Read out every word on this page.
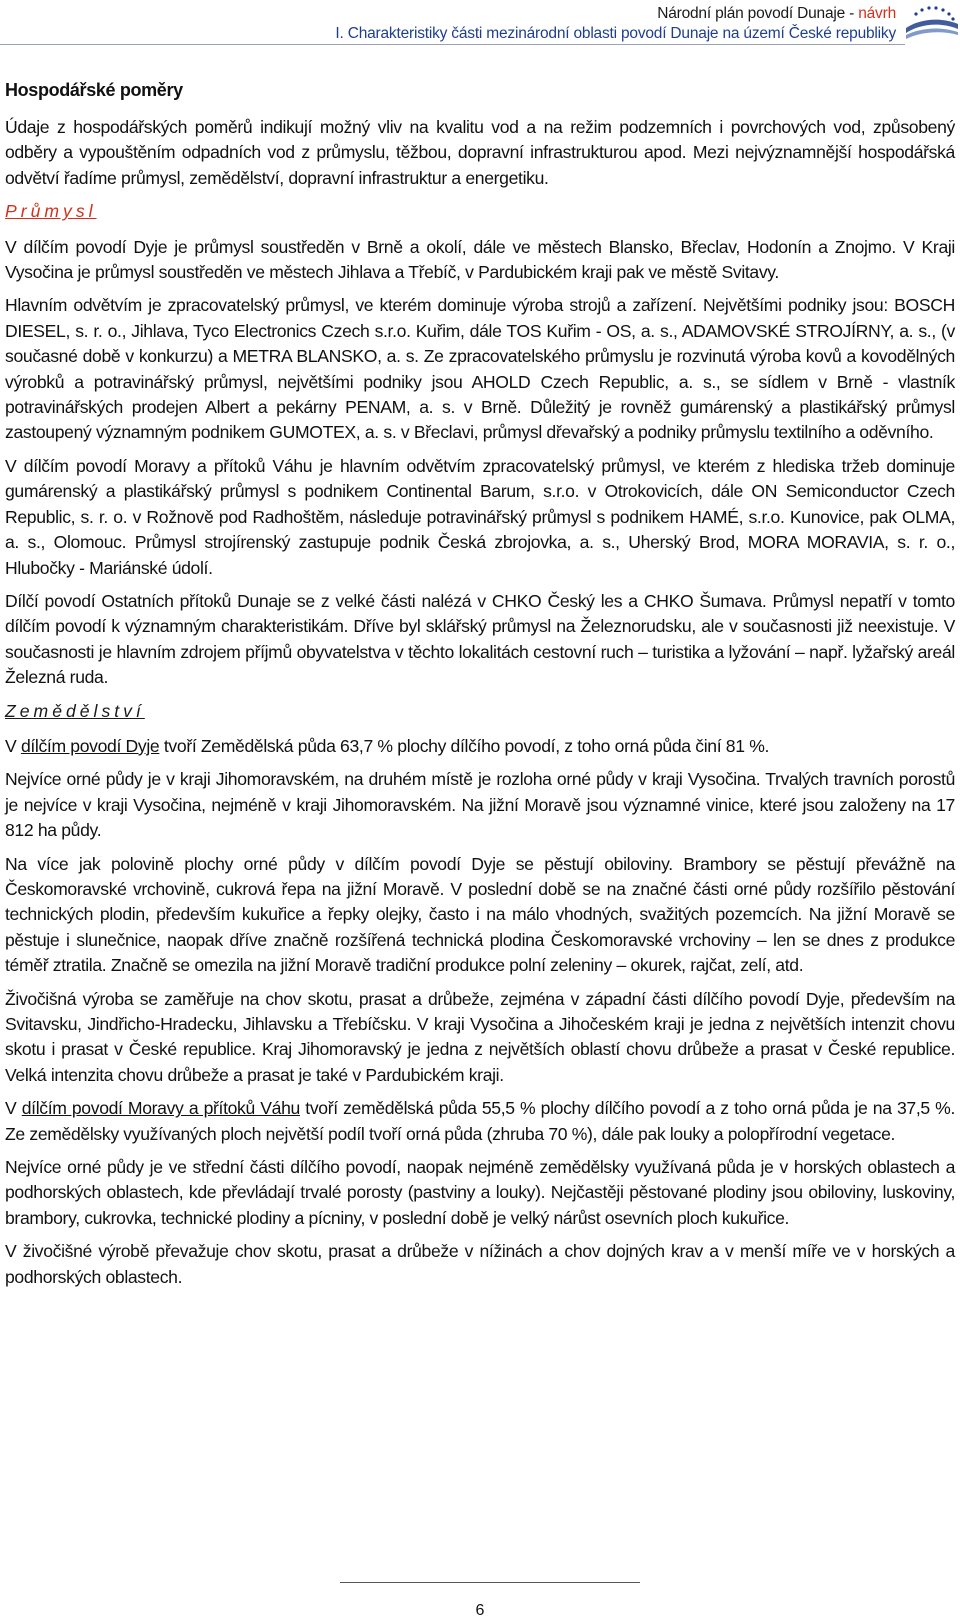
Národní plán povodí Dunaje - návrh
I. Charakteristiky části mezinárodní oblasti povodí Dunaje na území České republiky
Hospodářské poměry

Údaje z hospodářských poměrů indikují možný vliv na kvalitu vod a na režim podzemních i povrchových vod, způsobený odběry a vypouštěním odpadních vod z průmyslu, těžbou, dopravní infrastrukturou apod. Mezi nejvýznamnější hospodářská odvětví řadíme průmysl, zemědělství, dopravní infrastruktur a energetiku.

Průmysl

V dílčím povodí Dyje je průmysl soustředěn v Brně a okolí, dále ve městech Blansko, Břeclav, Hodonín a Znojmo. V Kraji Vysočina je průmysl soustředěn ve městech Jihlava a Třebíč, v Pardubickém kraji pak ve městě Svitavy.

Hlavním odvětvím je zpracovatelský průmysl, ve kterém dominuje výroba strojů a zařízení. Největšími podniky jsou: BOSCH DIESEL, s. r. o., Jihlava, Tyco Electronics Czech s.r.o. Kuřim, dále TOS Kuřim - OS, a. s., ADAMOVSKÉ STROJÍRNY, a. s., (v současné době v konkurzu) a METRA BLANSKO, a. s. Ze zpracovatelského průmyslu je rozvinutá výroba kovů a kovodělných výrobků a potravinářský průmysl, největšími podniky jsou AHOLD Czech Republic, a. s., se sídlem v Brně - vlastník potravinářských prodejen Albert a pekárny PENAM, a. s. v Brně. Důležitý je rovněž gumárenský a plastikářský průmysl zastoupený významným podnikem GUMOTEX, a. s. v Břeclavi, průmysl dřevařský a podniky průmyslu textilního a oděvního.

V dílčím povodí Moravy a přítoků Váhu je hlavním odvětvím zpracovatelský průmysl, ve kterém z hlediska tržeb dominuje gumárenský a plastikářský průmysl s podnikem Continental Barum, s.r.o. v Otrokovicích, dále ON Semiconductor Czech Republic, s. r. o. v Rožnově pod Radhoštěm, následuje potravinářský průmysl s podnikem HAMÉ, s.r.o. Kunovice, pak OLMA, a. s., Olomouc. Průmysl strojírenský zastupuje podnik Česká zbrojovka, a. s., Uherský Brod, MORA MORAVIA, s. r. o., Hlubočky - Mariánské údolí.

Dílčí povodí Ostatních přítoků Dunaje se z velké části nalézá v CHKO Český les a CHKO Šumava. Průmysl nepatří v tomto dílčím povodí k významným charakteristikám. Dříve byl sklářský průmysl na Železnorudsku, ale v současnosti již neexistuje. V současnosti je hlavním zdrojem příjmů obyvatelstva v těchto lokalitách cestovní ruch – turistika a lyžování – např. lyžařský areál Železná ruda.

Zemědělství

V dílčím povodí Dyje tvoří Zemědělská půda 63,7 % plochy dílčího povodí, z toho orná půda činí 81 %.

Nejvíce orné půdy je v kraji Jihomoravském, na druhém místě je rozloha orné půdy v kraji Vysočina. Trvalých travních porostů je nejvíce v kraji Vysočina, nejméně v kraji Jihomoravském. Na jižní Moravě jsou významné vinice, které jsou založeny na 17 812 ha půdy.

Na více jak polovině plochy orné půdy v dílčím povodí Dyje se pěstují obiloviny. Brambory se pěstují převážně na Českomoravské vrchovině, cukrová řepa na jižní Moravě. V poslední době se na značné části orné půdy rozšířilo pěstování technických plodin, především kukuřice a řepky olejky, často i na málo vhodných, svažitých pozemcích. Na jižní Moravě se pěstuje i slunečnice, naopak dříve značně rozšířená technická plodina Českomoravské vrchoviny – len se dnes z produkce téměř ztratila. Značně se omezila na jižní Moravě tradiční produkce polní zeleniny – okurek, rajčat, zelí, atd.

Živočišná výroba se zaměřuje na chov skotu, prasat a drůbeže, zejména v západní části dílčího povodí Dyje, především na Svitavsku, Jindřicho-Hradecku, Jihlavsku a Třebíčsku. V kraji Vysočina a Jihočeském kraji je jedna z největších intenzit chovu skotu i prasat v České republice. Kraj Jihomoravský je jedna z největších oblastí chovu drůbeže a prasat v České republice. Velká intenzita chovu drůbeže a prasat je také v Pardubickém kraji.

V dílčím povodí Moravy a přítoků Váhu tvoří zemědělská půda 55,5 % plochy dílčího povodí a z toho orná půda je na 37,5 %. Ze zemědělsky využívaných ploch největší podíl tvoří orná půda (zhruba 70 %), dále pak louky a polopřírodní vegetace.

Nejvíce orné půdy je ve střední části dílčího povodí, naopak nejméně zemědělsky využívaná půda je v horských oblastech a podhorských oblastech, kde převládají trvalé porosty (pastviny a louky). Nejčastěji pěstované plodiny jsou obiloviny, luskoviny, brambory, cukrovka, technické plodiny a pícniny, v poslední době je velký nárůst osevních ploch kukuřice.

V živočišné výrobě převažuje chov skotu, prasat a drůbeže v nížinách a chov dojných krav a v menší míře ve v horských a podhorských oblastech.

6
